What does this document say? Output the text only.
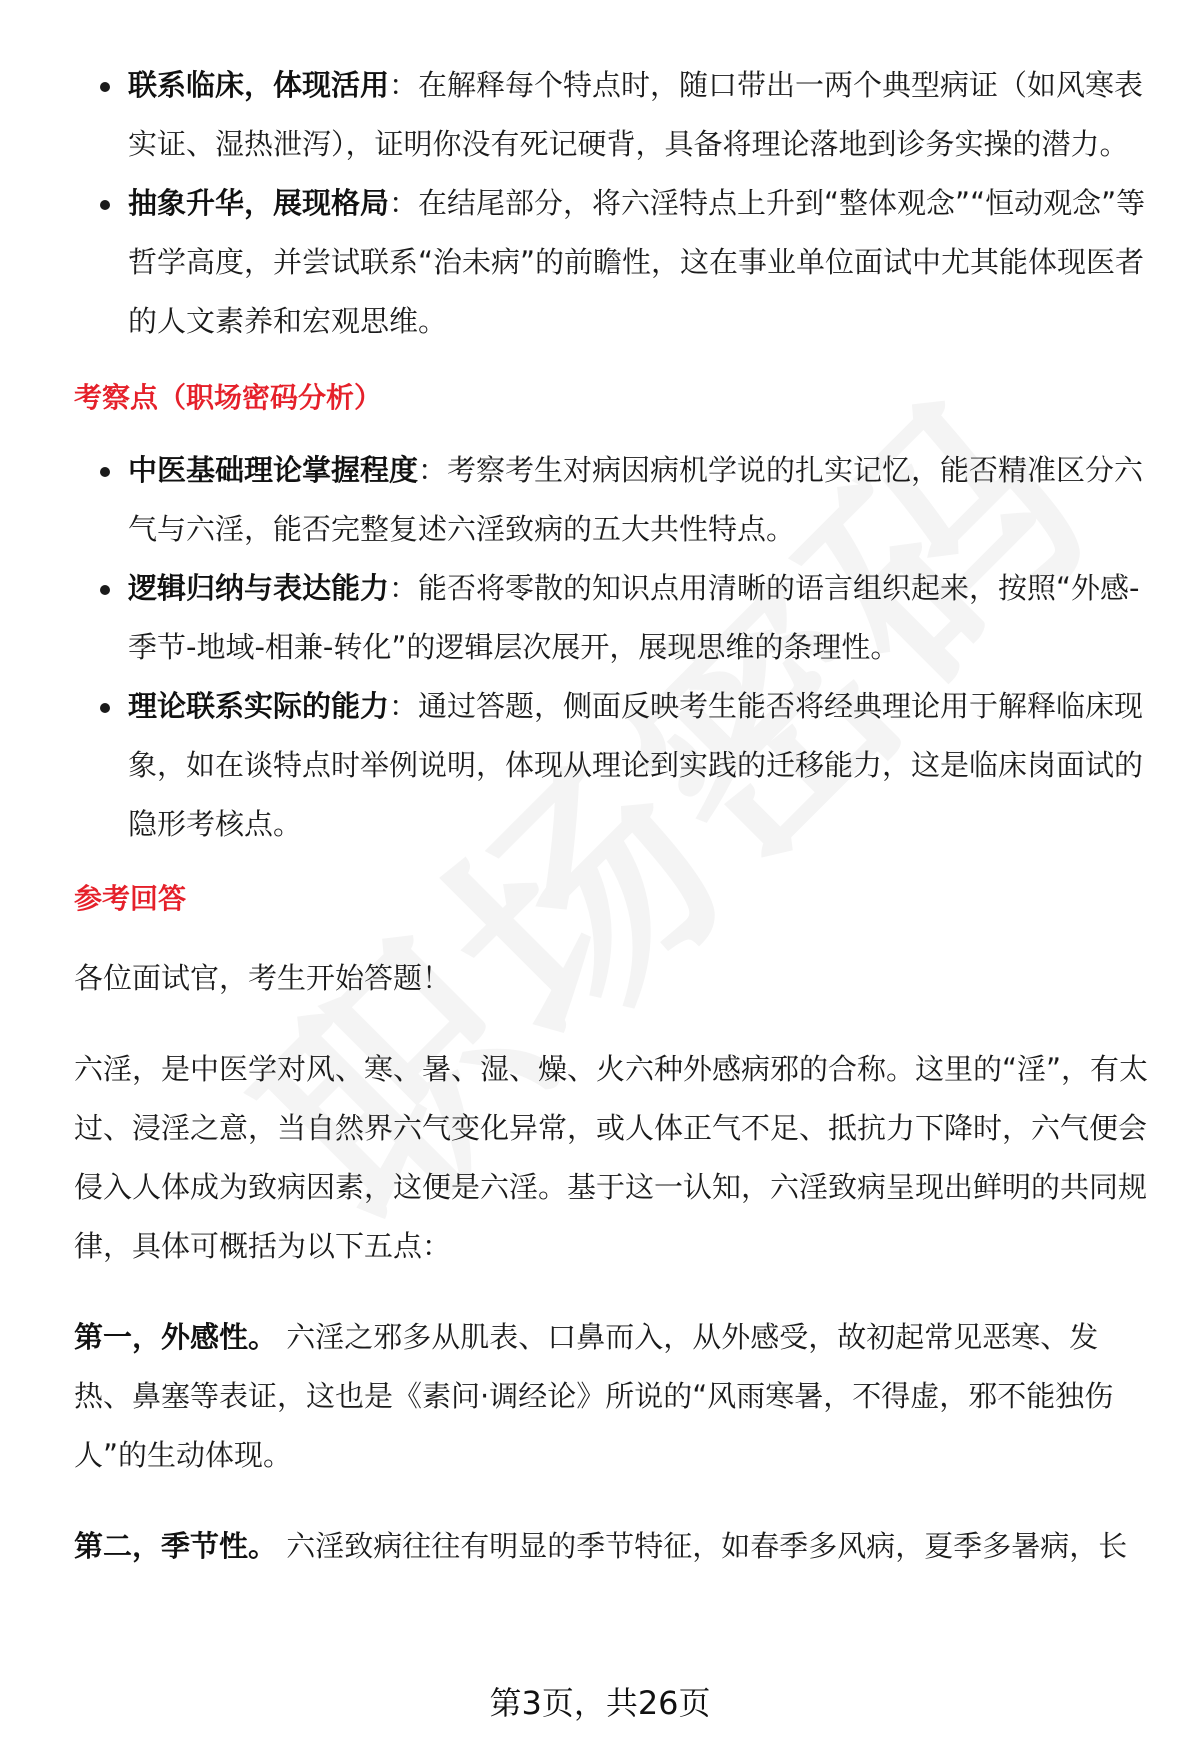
联系临床，体现活用：在解释每个特点时，随口带出一两个典型病证（如风寒表实证、湿热泄泻），证明你没有死记硬背，具备将理论落地到诊务实操的潜力。
抽象升华，展现格局：在结尾部分，将六淫特点上升到“整体观念”“恒动观念”等哲学高度，并尝试联系“治未病”的前瞻性，这在事业单位面试中尤其能体现医者的人文素养和宏观思维。
考察点（职场密码分析）
中医基础理论掌握程度：考察考生对病因病机学说的扎实记忆，能否精准区分六气与六淫，能否完整复述六淫致病的五大共性特点。
逻辑归纳与表达能力：能否将零散的知识点用清晰的语言组织起来，按照“外感-季节-地域-相兼-转化”的逻辑层次展开，展现思维的条理性。
理论联系实际的能力：通过答题，侧面反映考生能否将经典理论用于解释临床现象，如在谈特点时举例说明，体现从理论到实践的迁移能力，这是临床岗面试的隐形考核点。
参考回答

各位面试官，考生开始答题！

六淫，是中医学对风、寒、暑、湿、燥、火六种外感病邪的合称。这里的“淫”，有太过、浸淫之意，当自然界六气变化异常，或人体正气不足、抵抗力下降时，六气便会侵入人体成为致病因素，这便是六淫。基于这一认知，六淫致病呈现出鲜明的共同规律，具体可概括为以下五点：

第一，外感性。 六淫之邪多从肌表、口鼻而入，从外感受，故初起常见恶寒、发热、鼻塞等表证，这也是《素问·调经论》所说的“风雨寒暑，不得虚，邪不能独伤人”的生动体现。

第二，季节性。 六淫致病往往有明显的季节特征，如春季多风病，夏季多暑病，长

第3页，共26页
